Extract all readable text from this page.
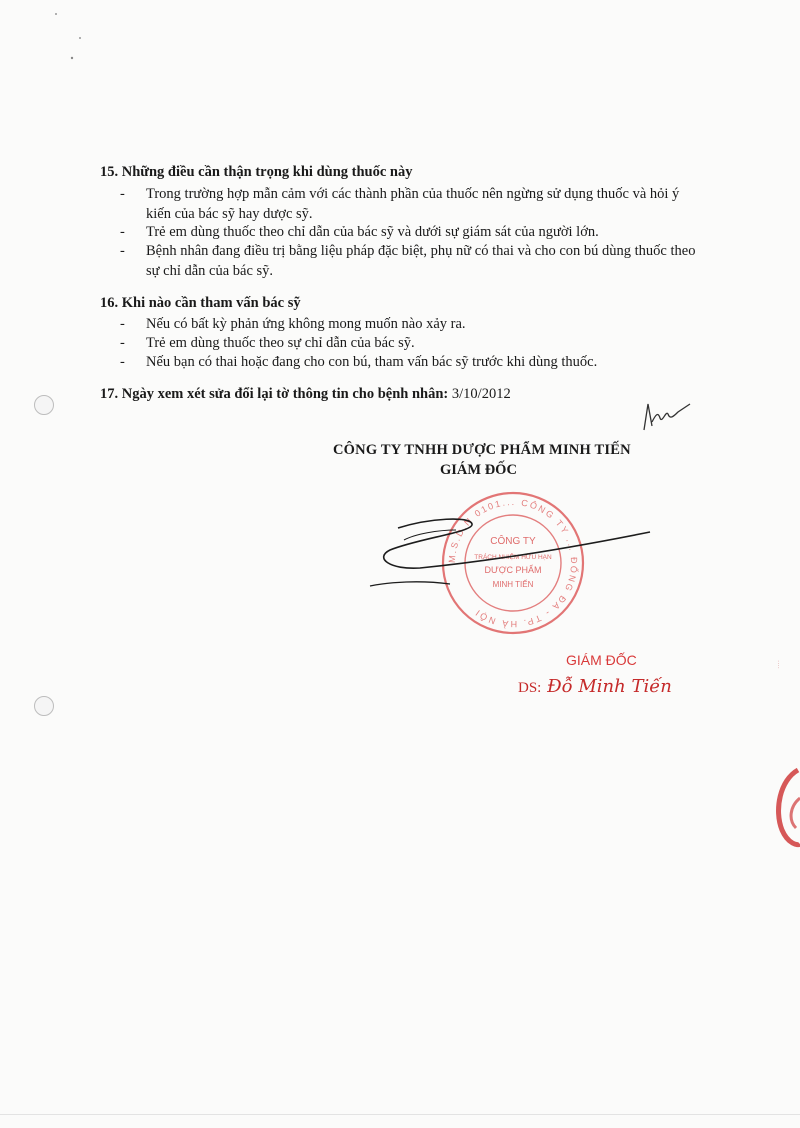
15. Những điều cần thận trọng khi dùng thuốc này
-	Trong trường hợp mẫn cảm với các thành phần của thuốc nên ngừng sử dụng thuốc và hỏi ý kiến của bác sỹ hay dược sỹ.
-	Trẻ em dùng thuốc theo chỉ dẫn của bác sỹ và dưới sự giám sát của người lớn.
-	Bệnh nhân đang điều trị bằng liệu pháp đặc biệt, phụ nữ có thai và cho con bú dùng thuốc theo sự chỉ dẫn của bác sỹ.
16. Khi nào cần tham vấn bác sỹ
-	Nếu có bất kỳ phản ứng không mong muốn nào xảy ra.
-	Trẻ em dùng thuốc theo sự chỉ dẫn của bác sỹ.
-	Nếu bạn có thai hoặc đang cho con bú, tham vấn bác sỹ trước khi dùng thuốc.
17. Ngày xem xét sửa đổi lại tờ thông tin cho bệnh nhân: 3/10/2012
CÔNG TY TNHH DƯỢC PHẨM MINH TIẾN
GIÁM ĐỐC
M.S.D.N 0101... CÔNG TY ... ĐỐNG ĐA - TP. HÀ NỘI
CÔNG TY
TRÁCH NHIỆM HỮU HẠN
DƯỢC PHẨM
MINH TIẾN
GIÁM ĐỐC
DS: Đỗ Minh Tiến
....
